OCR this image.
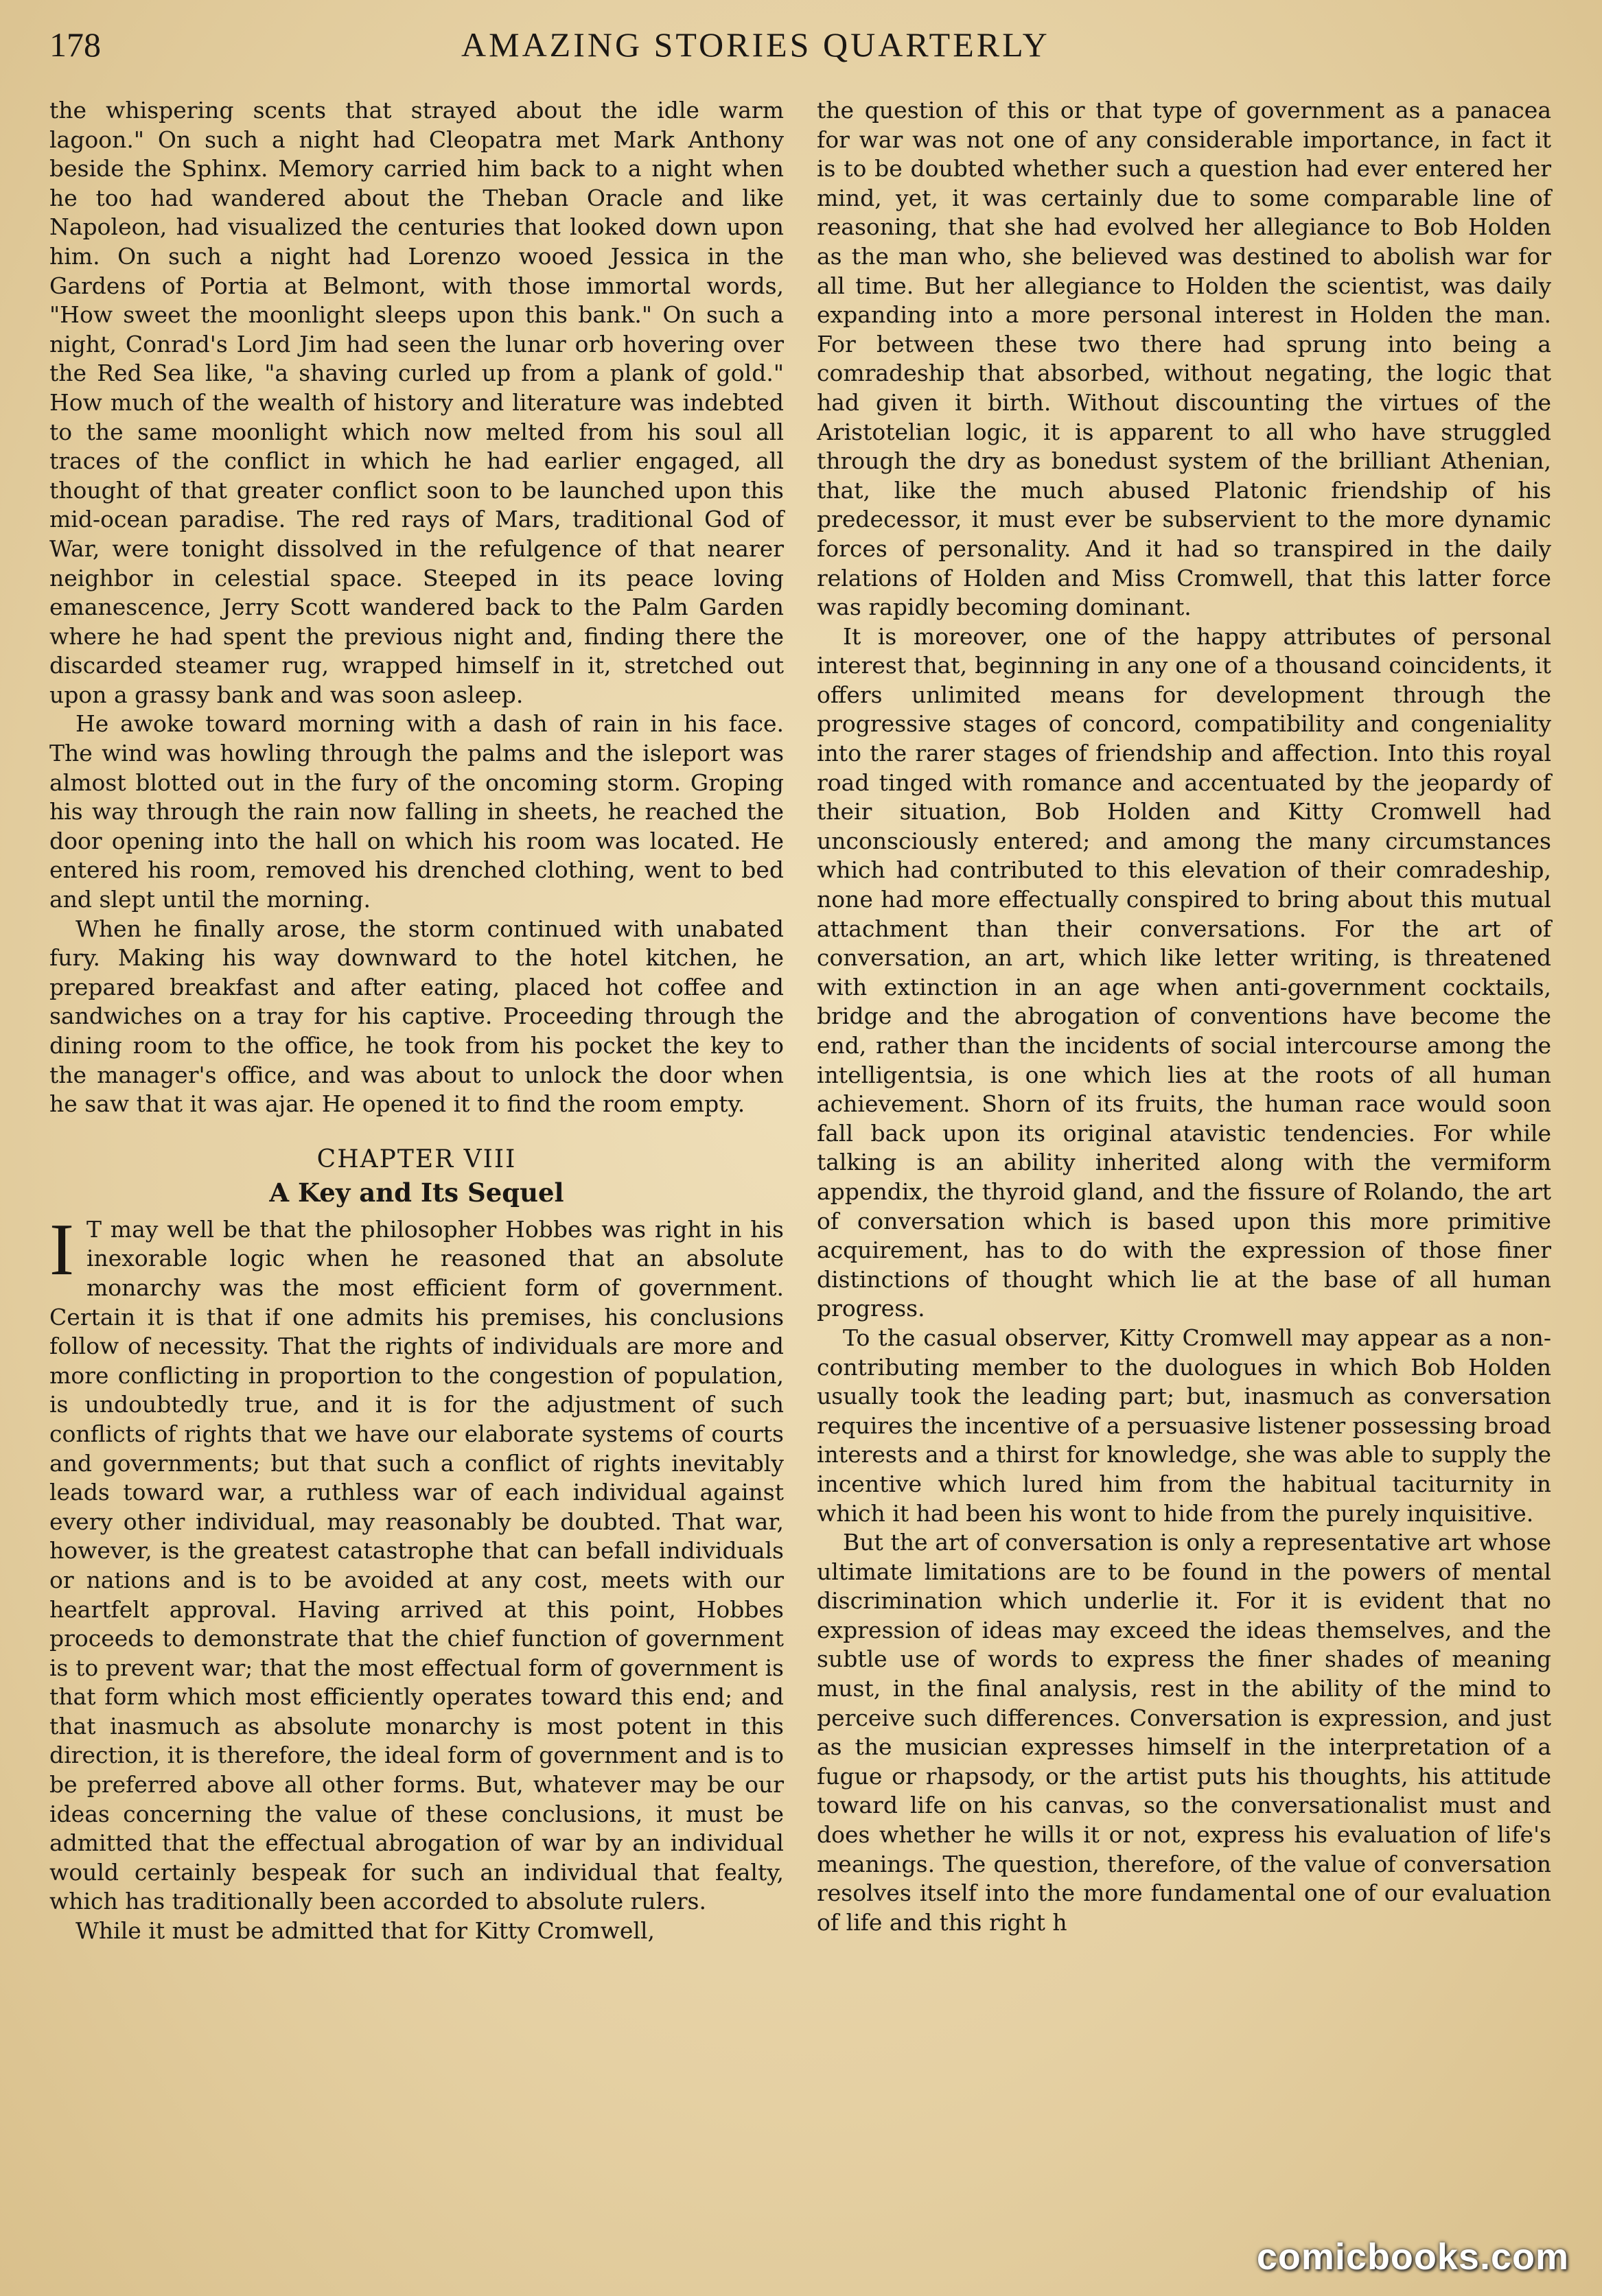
178	AMAZING STORIES QUARTERLY

the whispering scents that strayed about the idle warm lagoon." On such a night had Cleopatra met Mark Anthony beside the Sphinx. Memory carried him back to a night when he too had wandered about the Theban Oracle and like Napoleon, had visualized the centuries that looked down upon him. On such a night had Lorenzo wooed Jessica in the Gardens of Portia at Belmont, with those immortal words, "How sweet the moonlight sleeps upon this bank." On such a night, Conrad's Lord Jim had seen the lunar orb hovering over the Red Sea like, "a shaving curled up from a plank of gold." How much of the wealth of history and literature was indebted to the same moonlight which now melted from his soul all traces of the conflict in which he had earlier engaged, all thought of that greater conflict soon to be launched upon this mid-ocean paradise. The red rays of Mars, traditional God of War, were tonight dissolved in the refulgence of that nearer neighbor in celestial space. Steeped in its peace loving emanescence, Jerry Scott wandered back to the Palm Garden where he had spent the previous night and, finding there the discarded steamer rug, wrapped himself in it, stretched out upon a grassy bank and was soon asleep.

He awoke toward morning with a dash of rain in his face. The wind was howling through the palms and the isleport was almost blotted out in the fury of the oncoming storm. Groping his way through the rain now falling in sheets, he reached the door opening into the hall on which his room was located. He entered his room, removed his drenched clothing, went to bed and slept until the morning.

When he finally arose, the storm continued with unabated fury. Making his way downward to the hotel kitchen, he prepared breakfast and after eating, placed hot coffee and sandwiches on a tray for his captive. Proceeding through the dining room to the office, he took from his pocket the key to the manager's office, and was about to unlock the door when he saw that it was ajar. He opened it to find the room empty.

CHAPTER VIII
A Key and Its Sequel

I T may well be that the philosopher Hobbes was right in his inexorable logic when he reasoned that an absolute monarchy was the most efficient form of government. Certain it is that if one admits his premises, his conclusions follow of necessity. That the rights of individuals are more and more conflicting in proportion to the congestion of population, is undoubtedly true, and it is for the adjustment of such conflicts of rights that we have our elaborate systems of courts and governments; but that such a conflict of rights inevitably leads toward war, a ruthless war of each individual against every other individual, may reasonably be doubted. That war, however, is the greatest catastrophe that can befall individuals or nations and is to be avoided at any cost, meets with our heartfelt approval. Having arrived at this point, Hobbes proceeds to demonstrate that the chief function of government is to prevent war; that the most effectual form of government is that form which most efficiently operates toward this end; and that inasmuch as absolute monarchy is most potent in this direction, it is therefore, the ideal form of government and is to be preferred above all other forms. But, whatever may be our ideas concerning the value of these conclusions, it must be admitted that the effectual abrogation of war by an individual would certainly bespeak for such an individual that fealty, which has traditionally been accorded to absolute rulers.

While it must be admitted that for Kitty Cromwell,

the question of this or that type of government as a panacea for war was not one of any considerable importance, in fact it is to be doubted whether such a question had ever entered her mind, yet, it was certainly due to some comparable line of reasoning, that she had evolved her allegiance to Bob Holden as the man who, she believed was destined to abolish war for all time. But her allegiance to Holden the scientist, was daily expanding into a more personal interest in Holden the man. For between these two there had sprung into being a comradeship that absorbed, without negating, the logic that had given it birth. Without discounting the virtues of the Aristotelian logic, it is apparent to all who have struggled through the dry as bonedust system of the brilliant Athenian, that, like the much abused Platonic friendship of his predecessor, it must ever be subservient to the more dynamic forces of personality. And it had so transpired in the daily relations of Holden and Miss Cromwell, that this latter force was rapidly becoming dominant.

It is moreover, one of the happy attributes of personal interest that, beginning in any one of a thousand coincidents, it offers unlimited means for development through the progressive stages of concord, compatibility and congeniality into the rarer stages of friendship and affection. Into this royal road tinged with romance and accentuated by the jeopardy of their situation, Bob Holden and Kitty Cromwell had unconsciously entered; and among the many circumstances which had contributed to this elevation of their comradeship, none had more effectually conspired to bring about this mutual attachment than their conversations. For the art of conversation, an art, which like letter writing, is threatened with extinction in an age when anti-government cocktails, bridge and the abrogation of conventions have become the end, rather than the incidents of social intercourse among the intelligentsia, is one which lies at the roots of all human achievement. Shorn of its fruits, the human race would soon fall back upon its original atavistic tendencies. For while talking is an ability inherited along with the vermiform appendix, the thyroid gland, and the fissure of Rolando, the art of conversation which is based upon this more primitive acquirement, has to do with the expression of those finer distinctions of thought which lie at the base of all human progress.

To the casual observer, Kitty Cromwell may appear as a non-contributing member to the duologues in which Bob Holden usually took the leading part; but, inasmuch as conversation requires the incentive of a persuasive listener possessing broad interests and a thirst for knowledge, she was able to supply the incentive which lured him from the habitual taciturnity in which it had been his wont to hide from the purely inquisitive.

But the art of conversation is only a representative art whose ultimate limitations are to be found in the powers of mental discrimination which underlie it. For it is evident that no expression of ideas may exceed the ideas themselves, and the subtle use of words to express the finer shades of meaning must, in the final analysis, rest in the ability of the mind to perceive such differences. Conversation is expression, and just as the musician expresses himself in the interpretation of a fugue or rhapsody, or the artist puts his thoughts, his attitude toward life on his canvas, so the conversationalist must and does whether he wills it or not, express his evaluation of life's meanings. The question, therefore, of the value of conversation resolves itself into the more fundamental one of our evaluation of life and this right h

comicbooks.com
